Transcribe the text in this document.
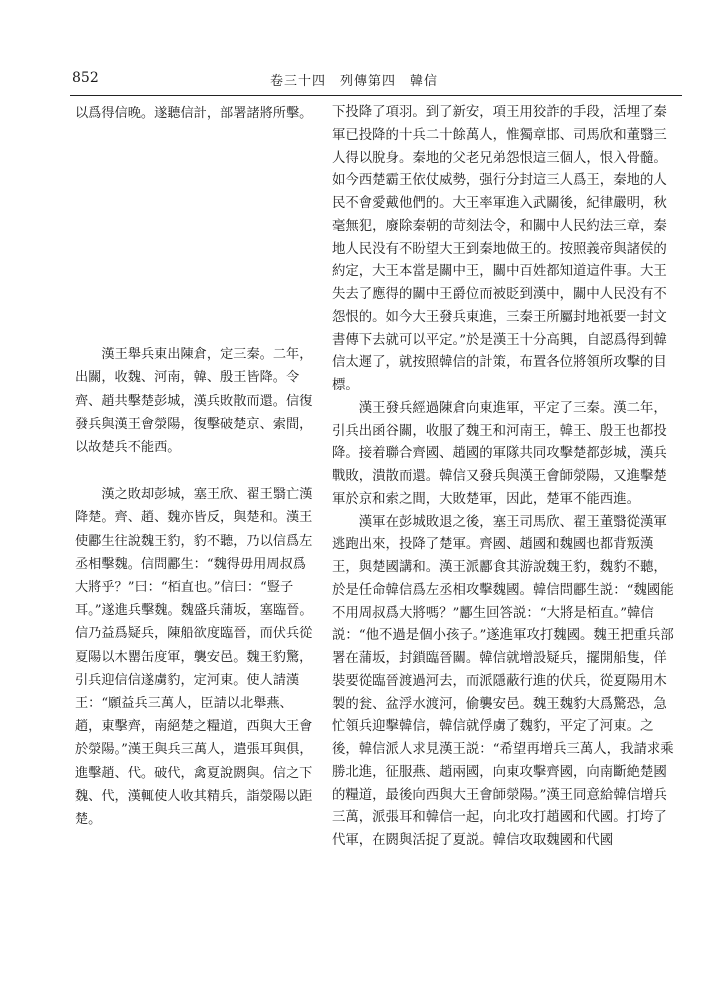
852	卷三十四　列傳第四　韓信

以爲得信晚。遂聽信計，部署諸將所擊。

漢王舉兵東出陳倉，定三秦。二年，出關，收魏、河南，韓、殷王皆降。令齊、趙共擊楚彭城，漢兵敗散而還。信復發兵與漢王會滎陽，復擊破楚京、索間，以故楚兵不能西。

漢之敗却彭城，塞王欣、翟王翳亡漢降楚。齊、趙、魏亦皆反，與楚和。漢王使酈生往說魏王豹，豹不聽，乃以信爲左丞相擊魏。信問酈生：“魏得毋用周叔爲大將乎？”曰：“栢直也。”信曰：“豎子耳。”遂進兵擊魏。魏盛兵蒲坂，塞臨晉。信乃益爲疑兵，陳船欲度臨晉，而伏兵從夏陽以木罌缶度軍，襲安邑。魏王豹驚，引兵迎信信遂虜豹，定河東。使人請漢王：“願益兵三萬人，臣請以北舉燕、趙，東擊齊，南絕楚之糧道，西與大王會於滎陽。”漢王與兵三萬人，遣張耳與俱，進擊趙、代。破代，禽夏說閼與。信之下魏、代，漢輒使人收其精兵，詣滎陽以距楚。

下投降了項羽。到了新安，項王用狡詐的手段，活埋了秦軍已投降的十兵二十餘萬人，惟獨章邯、司馬欣和董翳三人得以脫身。秦地的父老兄弟怨恨這三個人，恨入骨髓。如今西楚霸王依仗威勢，强行分封這三人爲王，秦地的人民不會愛戴他們的。大王率軍進入武關後，紀律嚴明，秋毫無犯，廢除秦朝的苛刻法令，和關中人民約法三章，秦地人民没有不盼望大王到秦地做王的。按照義帝與諸侯的約定，大王本當是關中王，關中百姓都知道這件事。大王失去了應得的關中王爵位而被貶到漢中，關中人民没有不怨恨的。如今大王發兵東進，三秦王所屬封地祇要一封文書傳下去就可以平定。”於是漢王十分高興，自認爲得到韓信太遲了，就按照韓信的計策，布置各位將領所攻擊的目標。

漢王發兵經過陳倉向東進軍，平定了三秦。漢二年，引兵出函谷關，收服了魏王和河南王，韓王、殷王也都投降。接着聯合齊國、趙國的軍隊共同攻擊楚都彭城，漢兵戰敗，潰散而還。韓信又發兵與漢王會師滎陽，又進擊楚軍於京和索之間，大敗楚軍，因此，楚軍不能西進。

漢軍在彭城敗退之後，塞王司馬欣、翟王董翳從漢軍逃跑出來，投降了楚軍。齊國、趙國和魏國也都背叛漢王，與楚國講和。漢王派酈食其游說魏王豹，魏豹不聽，於是任命韓信爲左丞相攻擊魏國。韓信問酈生説：“魏國能不用周叔爲大將嗎？”酈生回答説：“大將是栢直。”韓信説：“他不過是個小孩子。”遂進軍攻打魏國。魏王把重兵部署在蒲坂，封鎖臨晉關。韓信就增設疑兵，擺開船隻，佯裝要從臨晉渡過河去，而派隱蔽行進的伏兵，從夏陽用木製的瓮、盆浮水渡河，偷襲安邑。魏王魏豹大爲驚恐，急忙領兵迎擊韓信，韓信就俘虜了魏豹，平定了河東。之後，韓信派人求見漢王説：“希望再增兵三萬人，我請求乘勝北進，征服燕、趙兩國，向東攻擊齊國，向南斷絶楚國的糧道，最後向西與大王會師滎陽。”漢王同意給韓信增兵三萬，派張耳和韓信一起，向北攻打趙國和代國。打垮了代軍，在閼與活捉了夏説。韓信攻取魏國和代國
